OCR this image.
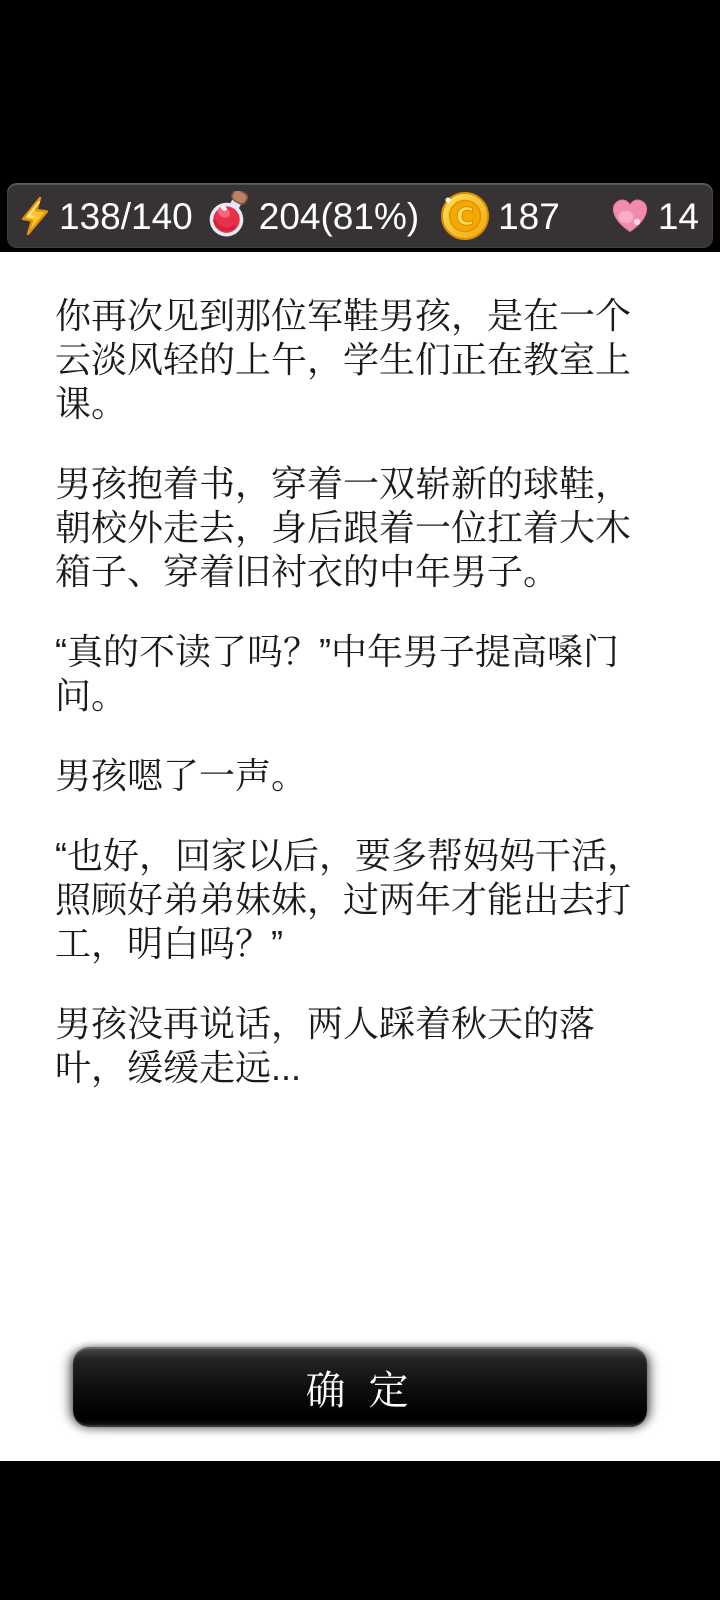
138/140 204(81%) C 187	14

你再次见到那位军鞋男孩，是在一个云淡风轻的上午，学生们正在教室上课。

男孩抱着书，穿着一双崭新的球鞋，朝校外走去，身后跟着一位扛着大木箱子、穿着旧衬衣的中年男子。

“真的不读了吗？”中年男子提高嗓门问。

男孩嗯了一声。

“也好，回家以后，要多帮妈妈干活，照顾好弟弟妹妹，过两年才能出去打工，明白吗？”

男孩没再说话，两人踩着秋天的落叶，缓缓走远...

确 定
